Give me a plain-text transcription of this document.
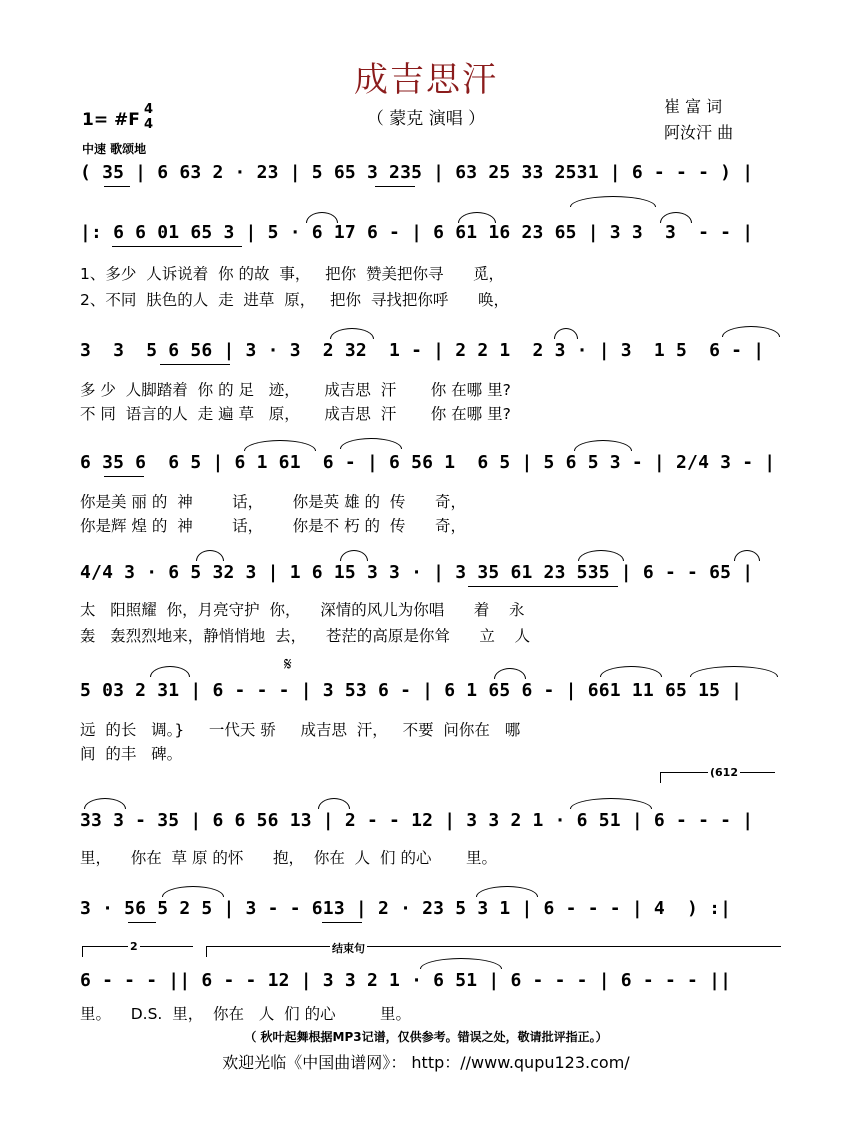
成吉思汗
（ 蒙克 演唱 ）
崔 富 词
阿汝汗 曲
1= #F
4
4
中速 歌颂地
( 35 | 6 63 2 · 23 | 5 65 3 235 | 63 25 33 2531 | 6 - - - ) |
|: 6 6 01 65 3 | 5 · 6 17 6 - | 6 61 16 23 65 | 3 3  3  - - |
1、多少  人诉说着  你 的故  事，   把你  赞美把你寻      觅，
2、不同  肤色的人  走  进草  原，   把你  寻找把你呼      唤，
3  3  5 6 56 | 3 · 3  2 32  1 - | 2 2 1  2 3 · | 3  1 5  6 - |
多 少  人脚踏着  你 的 足   迹，     成吉思  汗       你 在哪 里?
不 同  语言的人  走 遍 草   原，     成吉思  汗       你 在哪 里?
6 35 6  6 5 | 6 1 61  6 - | 6 56 1  6 5 | 5 6 5 3 - | 2/4 3 - |
你是美 丽 的  神        话，      你是英 雄 的  传      奇，
你是辉 煌 的  神        话，      你是不 朽 的  传      奇，
4/4 3 · 6 5 32 3 | 1 6 15 3 3 · | 3 35 61 23 535 | 6 - - 65 |
太   阳照耀  你，月亮守护  你，    深情的风儿为你唱      着    永
轰   轰烈烈地来，静悄悄地  去，    苍茫的高原是你耸      立    人
𝄋
5 03 2 31 | 6 - - - | 3 53 6 - | 6 1 65 6 - | 661 11 65 15 |
远  的长   调。}     一代天 骄     成吉思  汗，   不要  问你在   哪
间  的丰   碑。
(612
33 3 - 35 | 6 6 56 13 | 2 - - 12 | 3 3 2 1 · 6 51 | 6 - - - |
里，    你在  草 原 的怀      抱，  你在  人  们 的心       里。
3 · 56 5 2 5 | 3 - - 613 | 2 · 23 5 3 1 | 6 - - - | 4  ) :|
2	结束句
6 - - - || 6 - - 12 | 3 3 2 1 · 6 51 | 6 - - - | 6 - - - ||
里。    D.S.  里，  你在   人  们 的心         里。
（ 秋叶起舞根据MP3记谱，仅供参考。错误之处，敬请批评指正。）
欢迎光临《中国曲谱网》： http：//www.qupu123.com/
